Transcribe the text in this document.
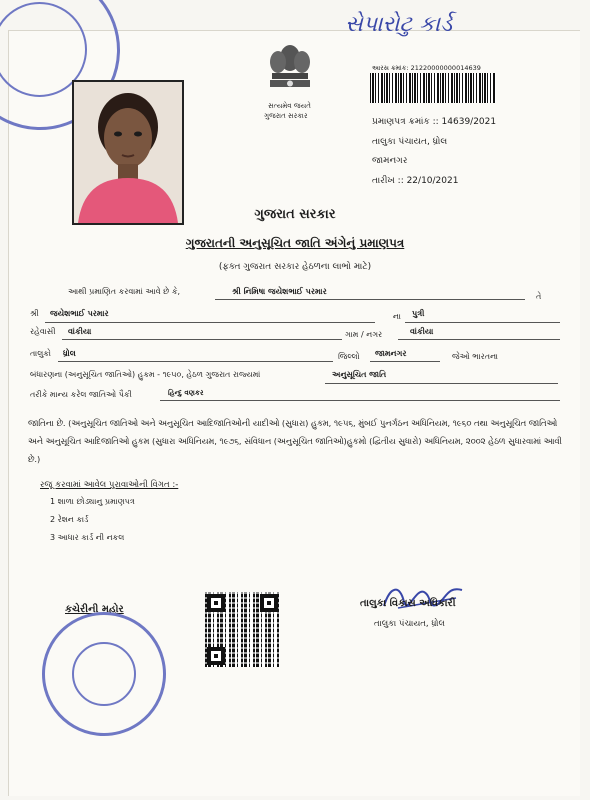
સેપારોટુ કાર્ડ
સત્યમેવ જયતે
ગુજરાત સરકાર
આરસ ક્રમાંક: 21220000000014639
પ્રમાણપત્ર ક્રમાંક :: 14639/2021
તાલુકા પંચાયત, ધ્રોલ
જામનગર
તારીખ :: 22/10/2021
ગુજરાત સરકાર
ગુજરાતની અનુસૂચિત જાતિ અંગેનું પ્રમાણપત્ર
(ફક્ત ગુજરાત સરકાર હેઠળના લાભો માટે)
આથી પ્રમાણિત કરવામાં આવે છે કે,	શ્રી નિમિષા જયેશભાઈ પરમાર
તે
શ્રી જયેશભાઈ પરમાર	ના પુત્રી
રહેવાસી વાંકીયા	ગામ / નગર	વાંકીયા
તાલુકો ધ્રોલ	જિલ્લો જામનગર	જેઓ ભારતના
બંધારણના (અનુસૂચિત જાતિઓ) હુકમ - ૧૯૫૦, હેઠળ ગુજરાત રાજ્યમાં	અનુસૂચિત જાતિ
તરીકે માન્ય કરેલ જાતિઓ પૈકી	હિન્દુ વણકર
જાતિના છે. (અનુસૂચિત જાતિઓ અને અનુસૂચિત આદિજાતિઓની યાદીઓ (સુધારા) હુકમ, ૧૯૫૬, મુંબઈ પુનર્ગઠન અધિનિયમ, ૧૯૬૦ તથા અનુસૂચિત જાતિઓ અને અનુસૂચિત આદિજાતિઓ હુકમ (સુધારા અધિનિયમ, ૧૯૭૬, સંવિધાન (અનુસૂચિત જાતિઓ)હુકમો (દ્વિતીય સુધારો) અધિનિયમ, ૨૦૦૨ હેઠળ સુધારવામાં આવી છે.)
રજૂ કરવામાં આવેલ પુરાવાઓની વિગત :-
1 શાળા છોડ્યાનુ પ્રમાણપત્ર
2 રેશન કાર્ડ
3 આધાર કાર્ડ ની નકલ
કચેરીની મહોર
તાલુકા વિકાસ અધિકારી
તાલુકા પંચાયત, ધ્રોલ
